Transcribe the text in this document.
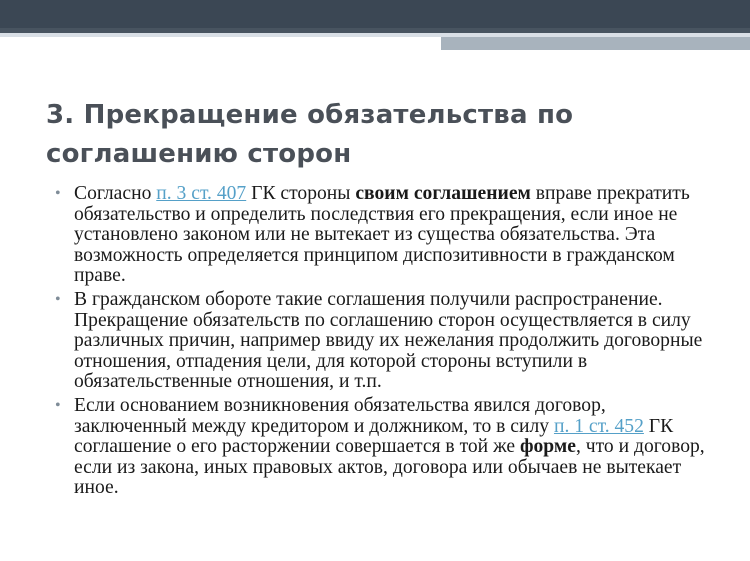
3. Прекращение обязательства по соглашению сторон
• Согласно п. 3 ст. 407 ГК стороны своим соглашением вправе прекратить обязательство и определить последствия его прекращения, если иное не установлено законом или не вытекает из существа обязательства. Эта возможность определяется принципом диспозитивности в гражданском праве.
• В гражданском обороте такие соглашения получили распространение. Прекращение обязательств по соглашению сторон осуществляется в силу различных причин, например ввиду их нежелания продолжить договорные отношения, отпадения цели, для которой стороны вступили в обязательственные отношения, и т.п.
• Если основанием возникновения обязательства явился договор, заключенный между кредитором и должником, то в силу п. 1 ст. 452 ГК соглашение о его расторжении совершается в той же форме, что и договор, если из закона, иных правовых актов, договора или обычаев не вытекает иное.
